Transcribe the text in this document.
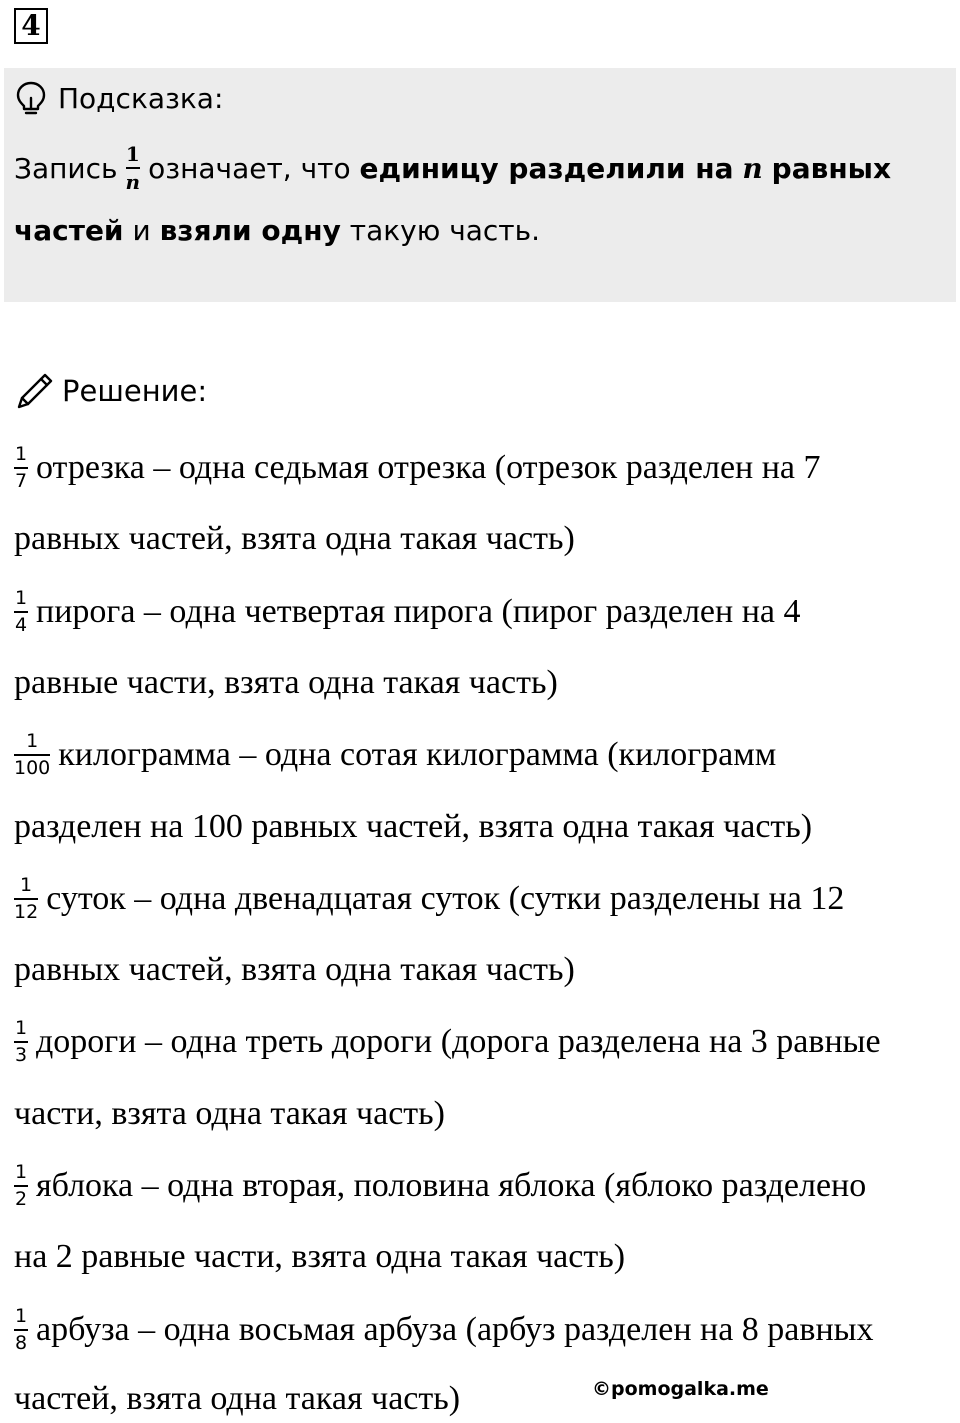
4
Подсказка:
Запись $\frac{1}{n}$ означает, что
единицу разделили на
n
равных
частей
и
взяли одну
такую часть.
Решение:
$\frac{1}{7}$ отрезка – одна седьмая отрезка (отрезок разделен на 7
равных частей, взята одна такая часть)
$\frac{1}{4}$ пирога – одна четвертая пирога (пирог разделен на 4
равные части, взята одна такая часть)
$\frac{1}{100}$ килограмма – одна сотая килограмма (килограмм
разделен на 100 равных частей, взята одна такая часть)
$\frac{1}{12}$ суток – одна двенадцатая суток (сутки разделены на 12
равных частей, взята одна такая часть)
$\frac{1}{3}$ дороги – одна треть дороги (дорога разделена на 3 равные
части, взята одна такая часть)
$\frac{1}{2}$ яблока – одна вторая, половина яблока (яблоко разделено
на 2 равные части, взята одна такая часть)
$\frac{1}{8}$ арбуза – одна восьмая арбуза (арбуз разделен на 8 равных
частей, взята одна такая часть)	©pomogalka.me
